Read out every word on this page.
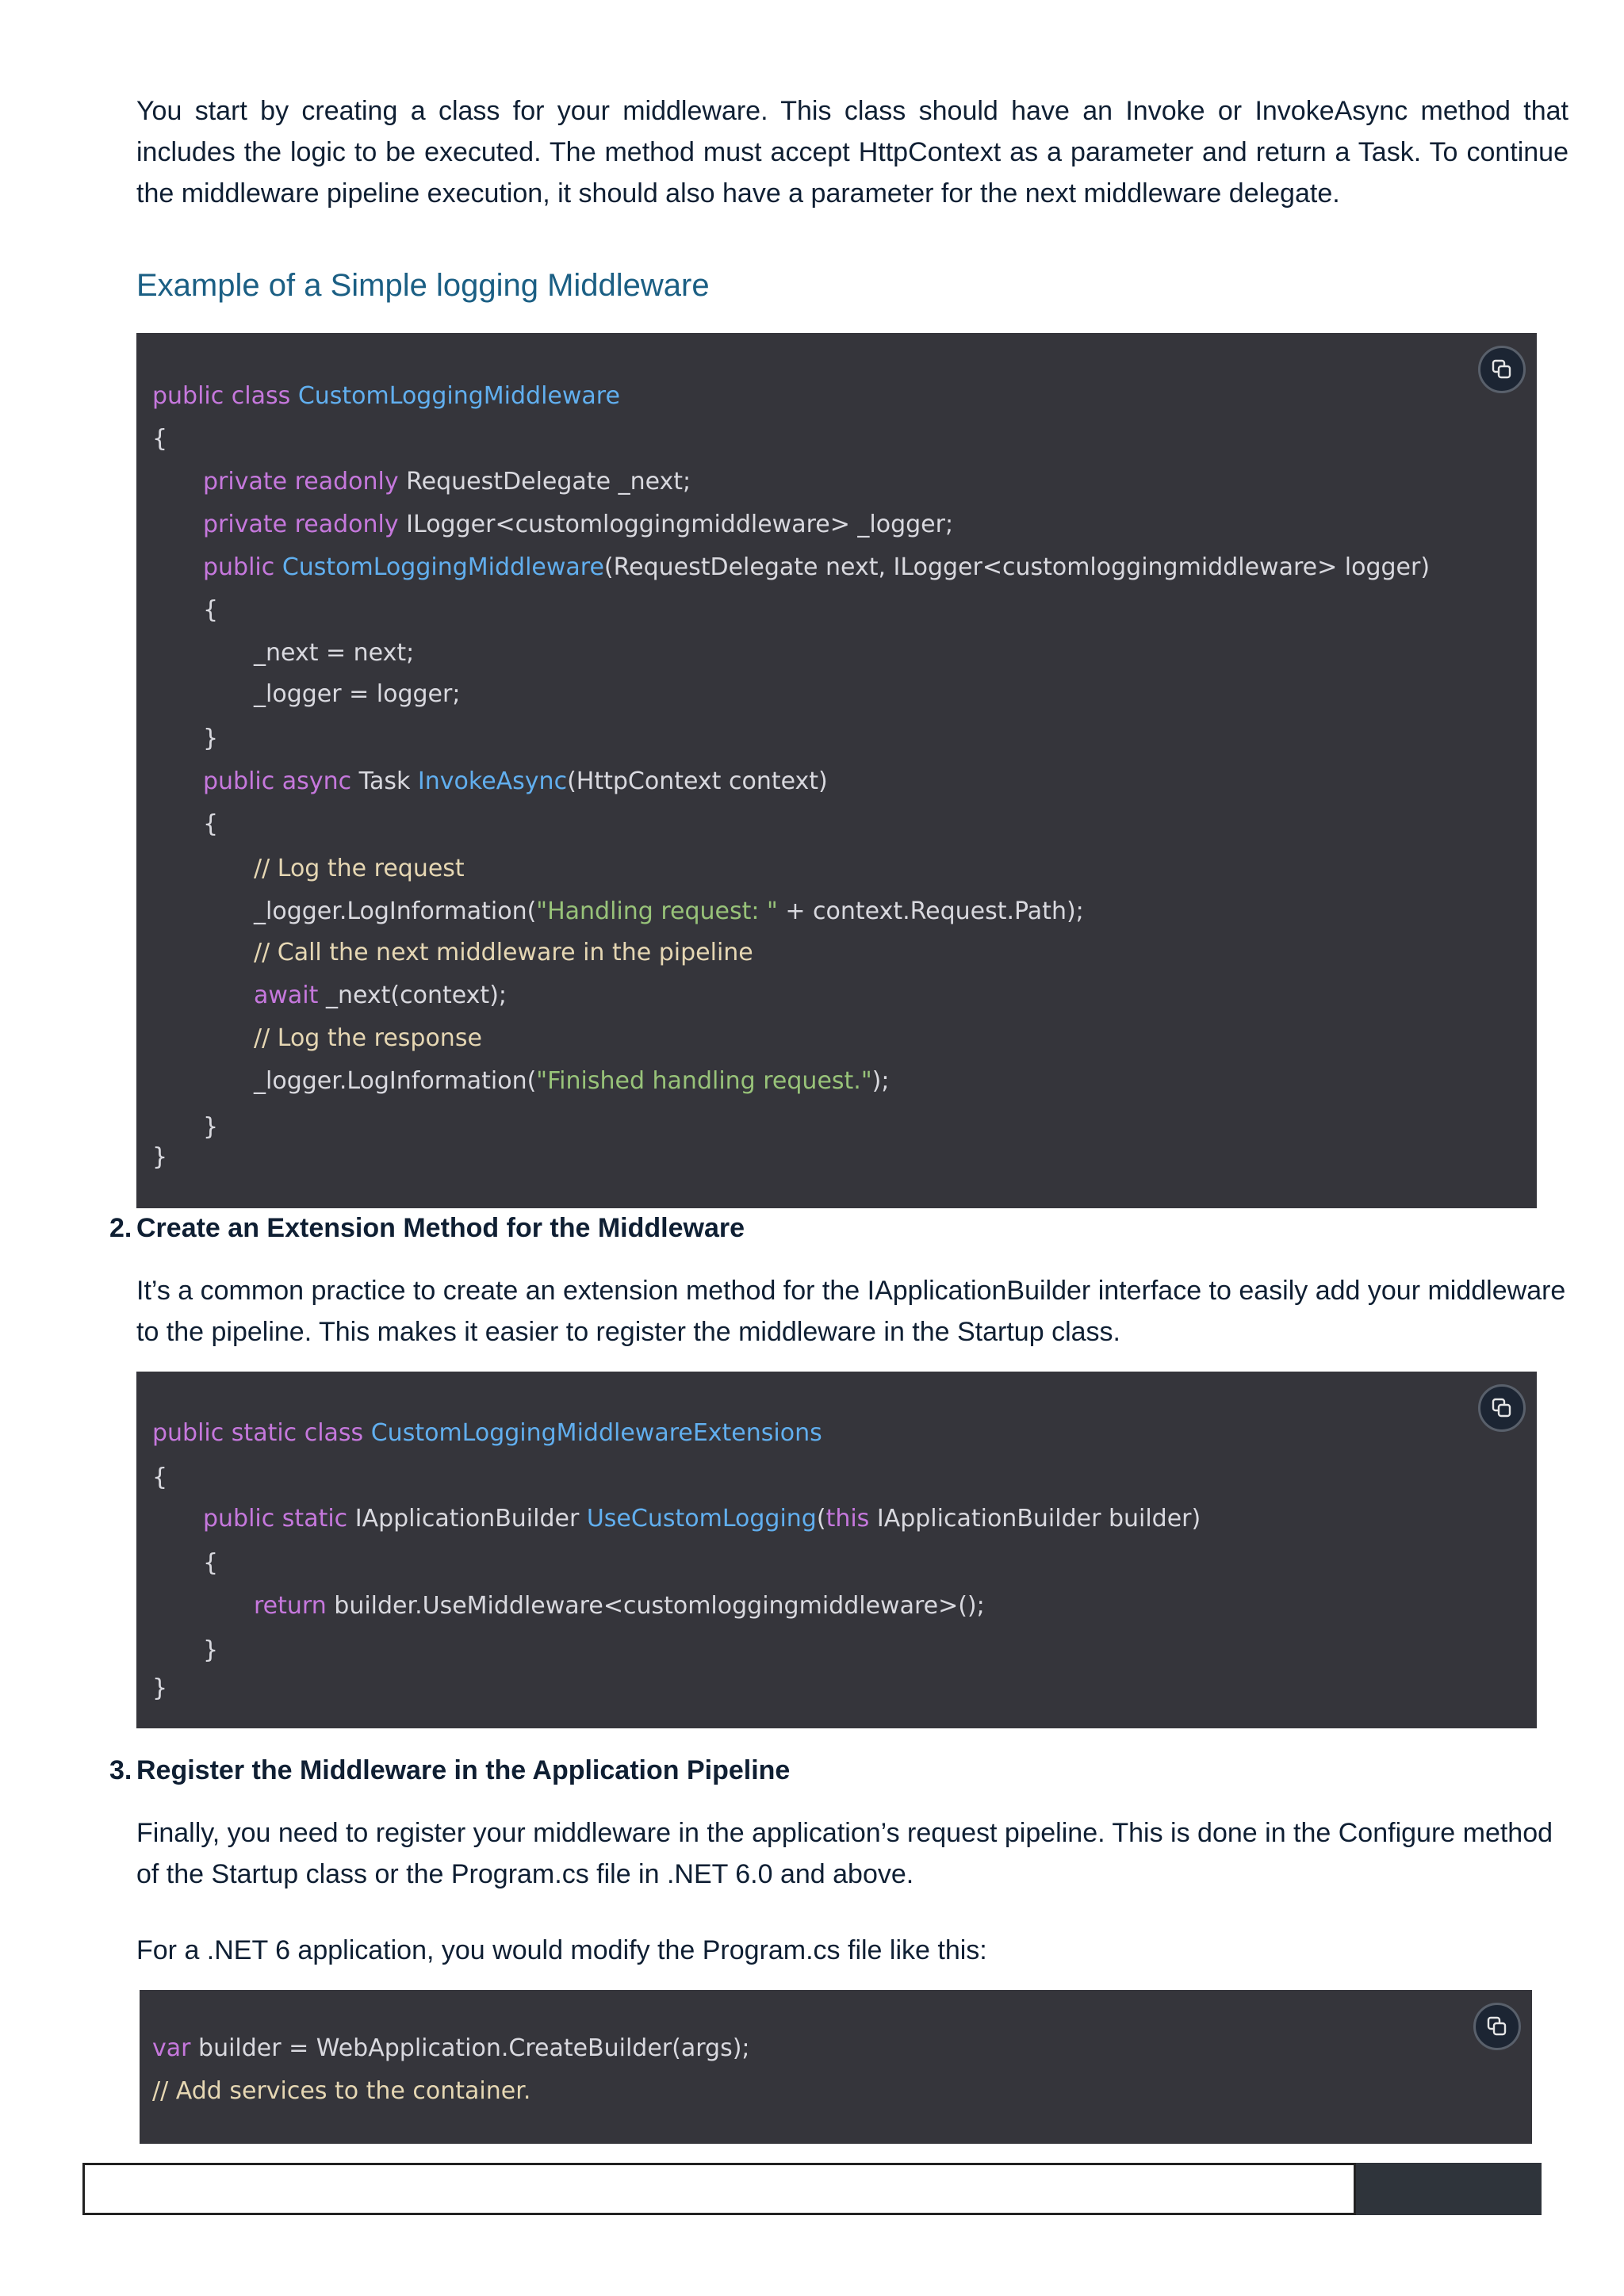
You start by creating a class for your middleware. This class should have an Invoke or InvokeAsync method that includes the logic to be executed. The method must accept HttpContext as a parameter and return a Task. To continue the middleware pipeline execution, it should also have a parameter for the next middleware delegate.

Example of a Simple logging Middleware
public class CustomLoggingMiddleware
{
private readonly RequestDelegate _next;
private readonly ILogger<customloggingmiddleware> _logger;
public CustomLoggingMiddleware(RequestDelegate next, ILogger<customloggingmiddleware> logger)
{
_next = next;
_logger = logger;
}
public async Task InvokeAsync(HttpContext context)
{
// Log the request
_logger.LogInformation("Handling request: " + context.Request.Path);
// Call the next middleware in the pipeline
await _next(context);
// Log the response
_logger.LogInformation("Finished handling request.");
}
}

2. Create an Extension Method for the Middleware

It’s a common practice to create an extension method for the IApplicationBuilder interface to easily add your middleware to the pipeline. This makes it easier to register the middleware in the Startup class.

public static class CustomLoggingMiddlewareExtensions
{
public static IApplicationBuilder UseCustomLogging(this IApplicationBuilder builder)
{
return builder.UseMiddleware<customloggingmiddleware>();
}
}

3. Register the Middleware in the Application Pipeline

Finally, you need to register your middleware in the application’s request pipeline. This is done in the Configure method of the Startup class or the Program.cs file in .NET 6.0 and above.

For a .NET 6 application, you would modify the Program.cs file like this:

var builder = WebApplication.CreateBuilder(args);
// Add services to the container.
